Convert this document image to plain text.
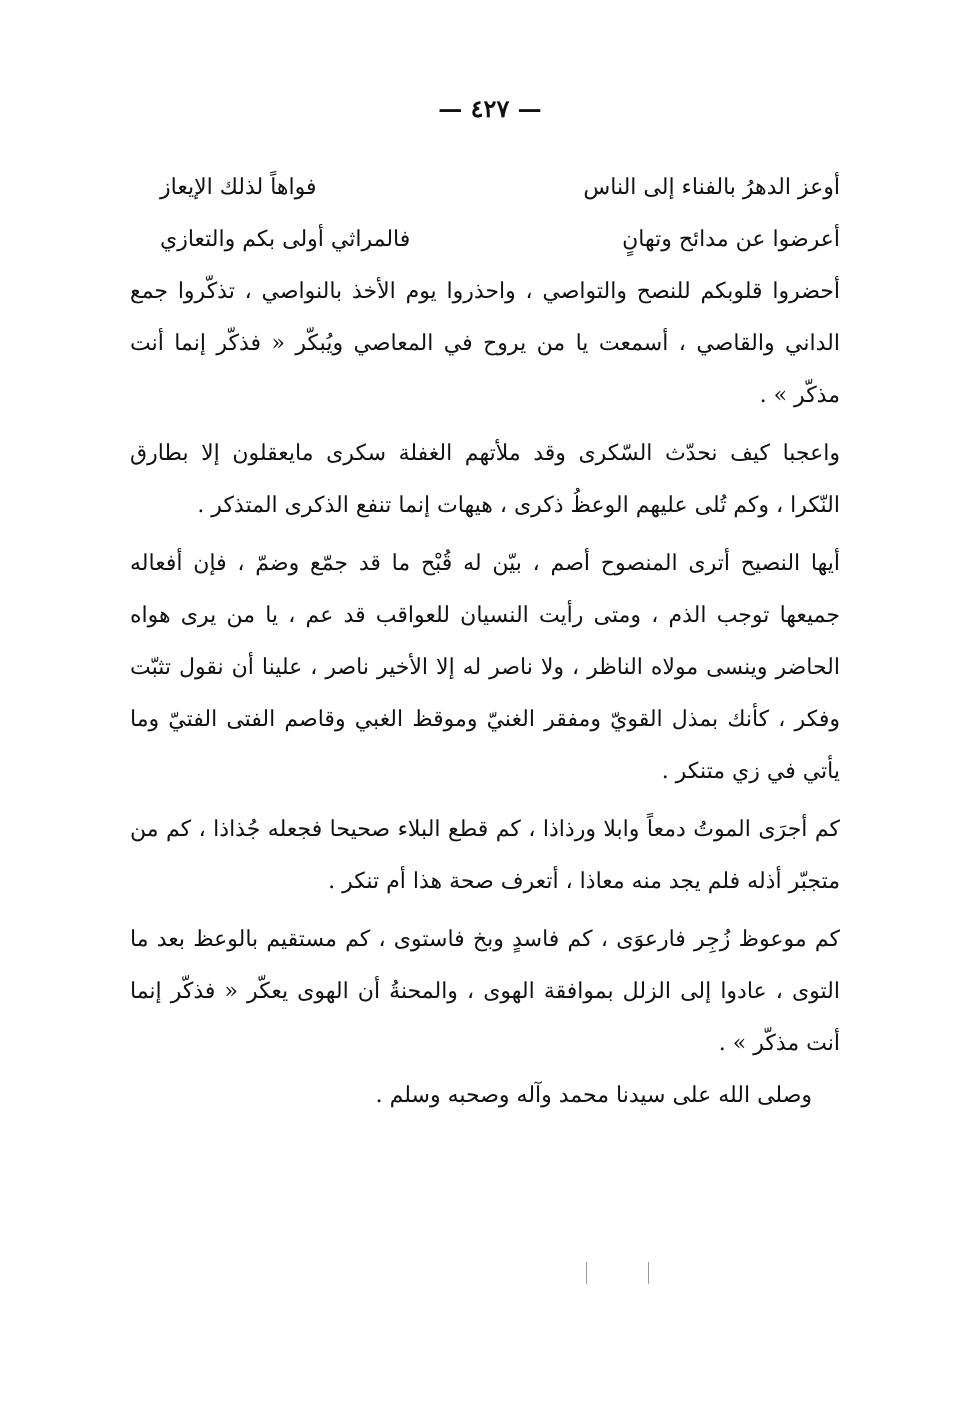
— ٤٢٧ —
أوعز الدهرُ بالفناء إلى الناس
فواهاً لذلك الإيعاز
أعرضوا عن مدائح وتهانٍ
فالمراثي أولى بكم والتعازي

أحضروا قلوبكم للنصح والتواصي ، واحذروا يوم الأخذ بالنواصي ، تذكّروا جمع الداني والقاصي ، أسمعت يا من يروح في المعاصي ويُبكّر « فذكّر إنما أنت مذكّر » .

واعجبا كيف نحدّث السّكرى وقد ملأتهم الغفلة سكرى مايعقلون إلا بطارق النّكرا ، وكم تُلى عليهم الوعظُ ذكرى ، هيهات إنما تنفع الذكرى المتذكر .

أيها النصيح أترى المنصوح أصم ، بيّن له قُبْح ما قد جمّع وضمّ ، فإن أفعاله جميعها توجب الذم ، ومتى رأيت النسيان للعواقب قد عم ، يا من يرى هواه الحاضر وينسى مولاه الناظر ، ولا ناصر له إلا الأخير ناصر ، علينا أن نقول تثبّت وفكر ، كأنك بمذل القويّ ومفقر الغنيّ وموقظ الغبي وقاصم الفتى الفتيّ وما يأتي في زي متنكر .

كم أجرَى الموتُ دمعاً وابلا ورذاذا ، كم قطع البلاء صحيحا فجعله جُذاذا ، كم من متجبّر أذله فلم يجد منه معاذا ، أتعرف صحة هذا أم تنكر .

كم موعوظ زُجِر فارعوَى ، كم فاسدٍ وبخ فاستوى ، كم مستقيم بالوعظ بعد ما التوى ، عادوا إلى الزلل بموافقة الهوى ، والمحنةُ أن الهوى يعكّر « فذكّر إنما أنت مذكّر » .

وصلى الله على سيدنا محمد وآله وصحبه وسلم .
